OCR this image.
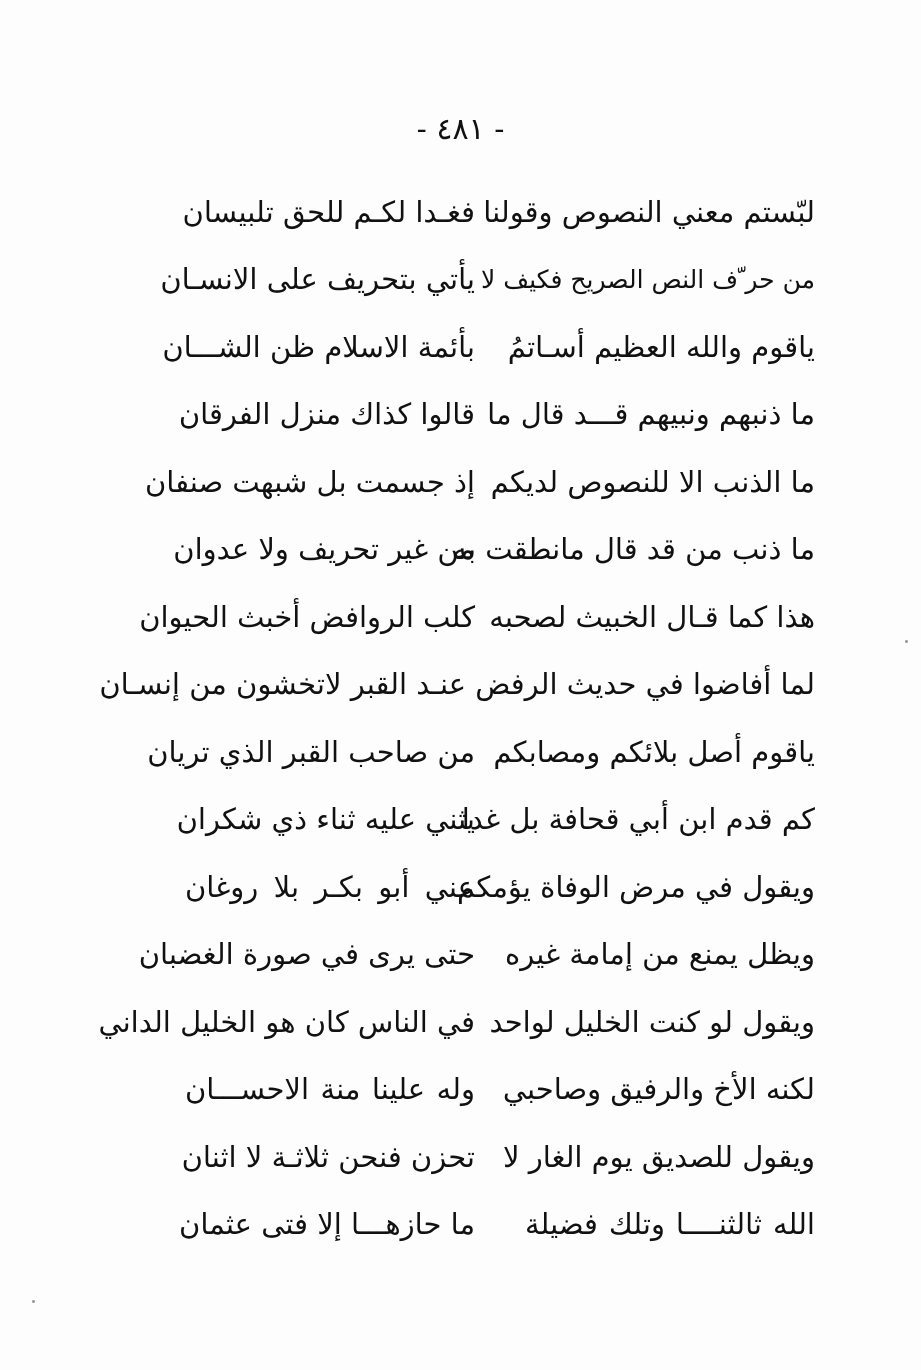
- ٤٨١ -
لبّستم معني النصوص وقولنا
فغـدا لكـم للحق تلبيسان
من حر ّف النص الصريح فكيف لا
يأتي بتحريف على الانسـان
ياقوم والله العظيم أسـاتمُ
بأئمة الاسلام ظن الشـــان
ما ذنبهم ونبيهم قـــد قال ما
قالوا كذاك منزل الفرقان
ما الذنب الا للنصوص لديكم
إذ جسمت بل شبهت صنفان
ما ذنب من قد قال مانطقت به
من غير تحريف ولا عدوان
هذا كما قـال الخبيث لصحبه
كلب الروافض أخبث الحيوان
لما أفاضوا في حديث الرفض عنـد القبر لاتخشون من إنسـان
ياقوم أصل بلائكم ومصابكم
من صاحب القبر الذي تريان
كم قدم ابن أبي قحافة بل غدا
يثني عليه ثناء ذي شكران
ويقول في مرض الوفاة يؤمكم
عني أبو بكـر بلا روغان
ويظل يمنع من إمامة غيره
حتى يرى في صورة الغضبان
ويقول لو كنت الخليل لواحد
في الناس كان هو الخليل الداني
لكنه الأخ والرفيق وصاحبي
وله علينا منة الاحســـان
ويقول للصديق يوم الغار لا
تحزن فنحن ثلاثـة لا اثنان
الله ثالثنــــا وتلك فضيلة
ما حازهـــا إلا فتى عثمان
